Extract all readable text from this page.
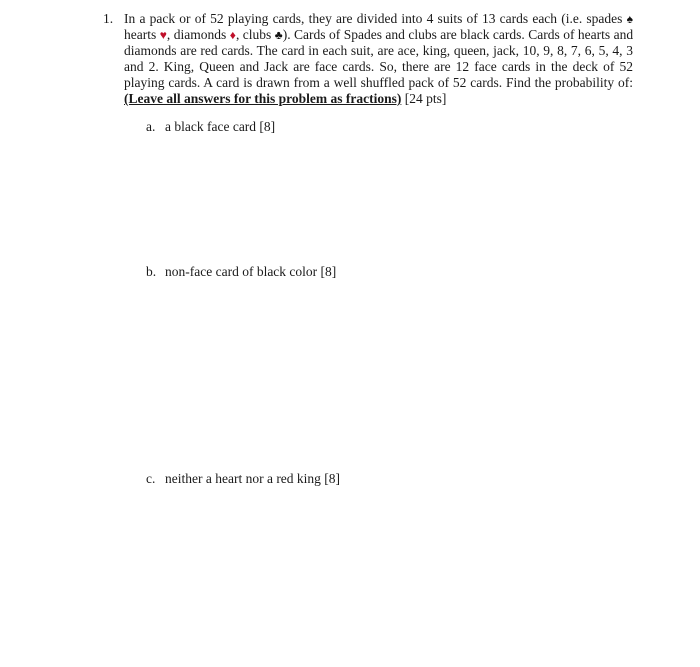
1. In a pack or of 52 playing cards, they are divided into 4 suits of 13 cards each (i.e. spades ♠ hearts ♥, diamonds ♦, clubs ♣). Cards of Spades and clubs are black cards. Cards of hearts and diamonds are red cards. The card in each suit, are ace, king, queen, jack, 10, 9, 8, 7, 6, 5, 4, 3 and 2. King, Queen and Jack are face cards. So, there are 12 face cards in the deck of 52 playing cards. A card is drawn from a well shuffled pack of 52 cards. Find the probability of: (Leave all answers for this problem as fractions) [24 pts]
a. a black face card [8]
b. non-face card of black color [8]
c. neither a heart nor a red king [8]
